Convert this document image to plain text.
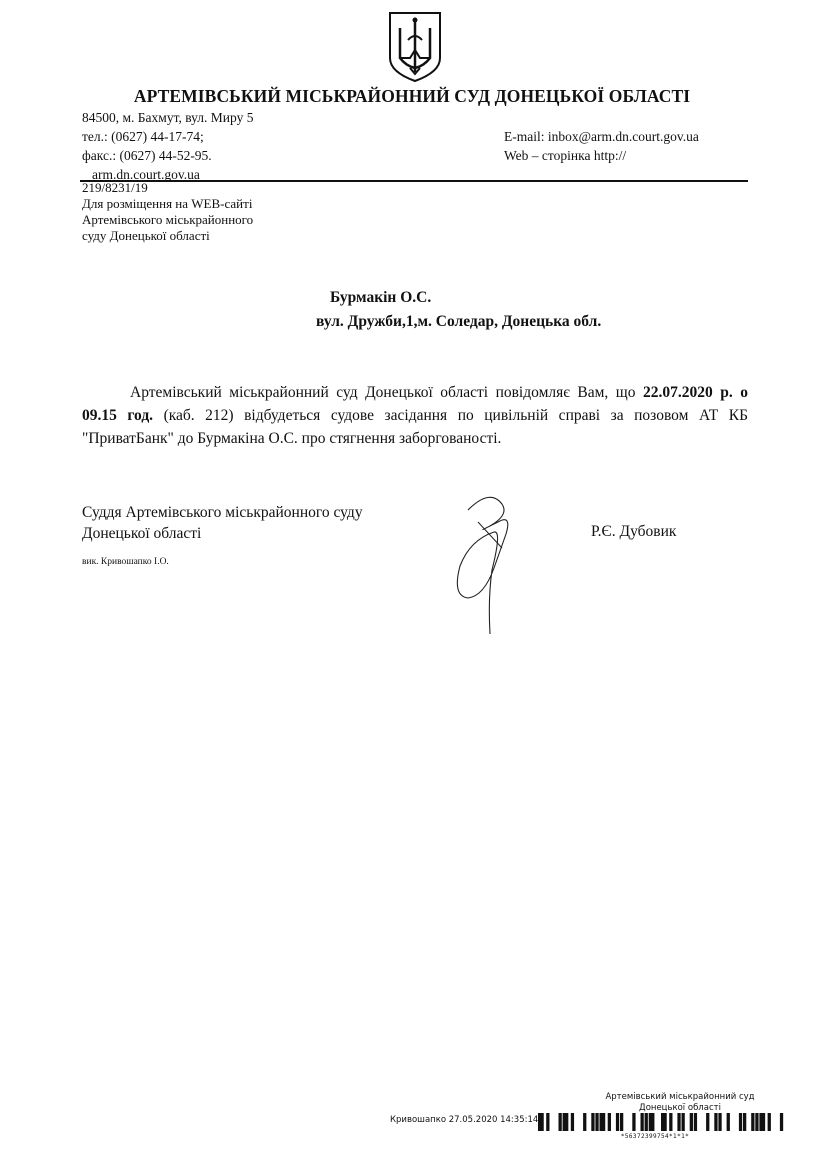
АРТЕМІВСЬКИЙ МІСЬКРАЙОННИЙ СУД ДОНЕЦЬКОЇ ОБЛАСТІ
84500, м. Бахмут, вул. Миру 5
тел.: (0627) 44-17-74;
факс.: (0627) 44-52-95.
arm.dn.court.gov.ua
E-mail: inbox@arm.dn.court.gov.ua
Web – сторінка http://
219/8231/19
Для розміщення на WEB-сайті
Артемівського міськрайонного
суду Донецької області
Бурмакін О.С.
вул. Дружби,1,м. Соледар, Донецька обл.
Артемівський міськрайонний суд Донецької області повідомляє Вам, що 22.07.2020 р. о 09.15 год. (каб. 212) відбудеться судове засідання по цивільній справі за позовом АТ КБ "ПриватБанк" до Бурмакіна О.С. про стягнення заборгованості.
Суддя Артемівського міськрайонного суду
Донецької області	Р.Є. Дубовик
вик. Кривошапко І.О.
Артемівський міськрайонний суд
Донецької області
Кривошапко 27.05.2020 14:35:14
*56372399754*1*1*
